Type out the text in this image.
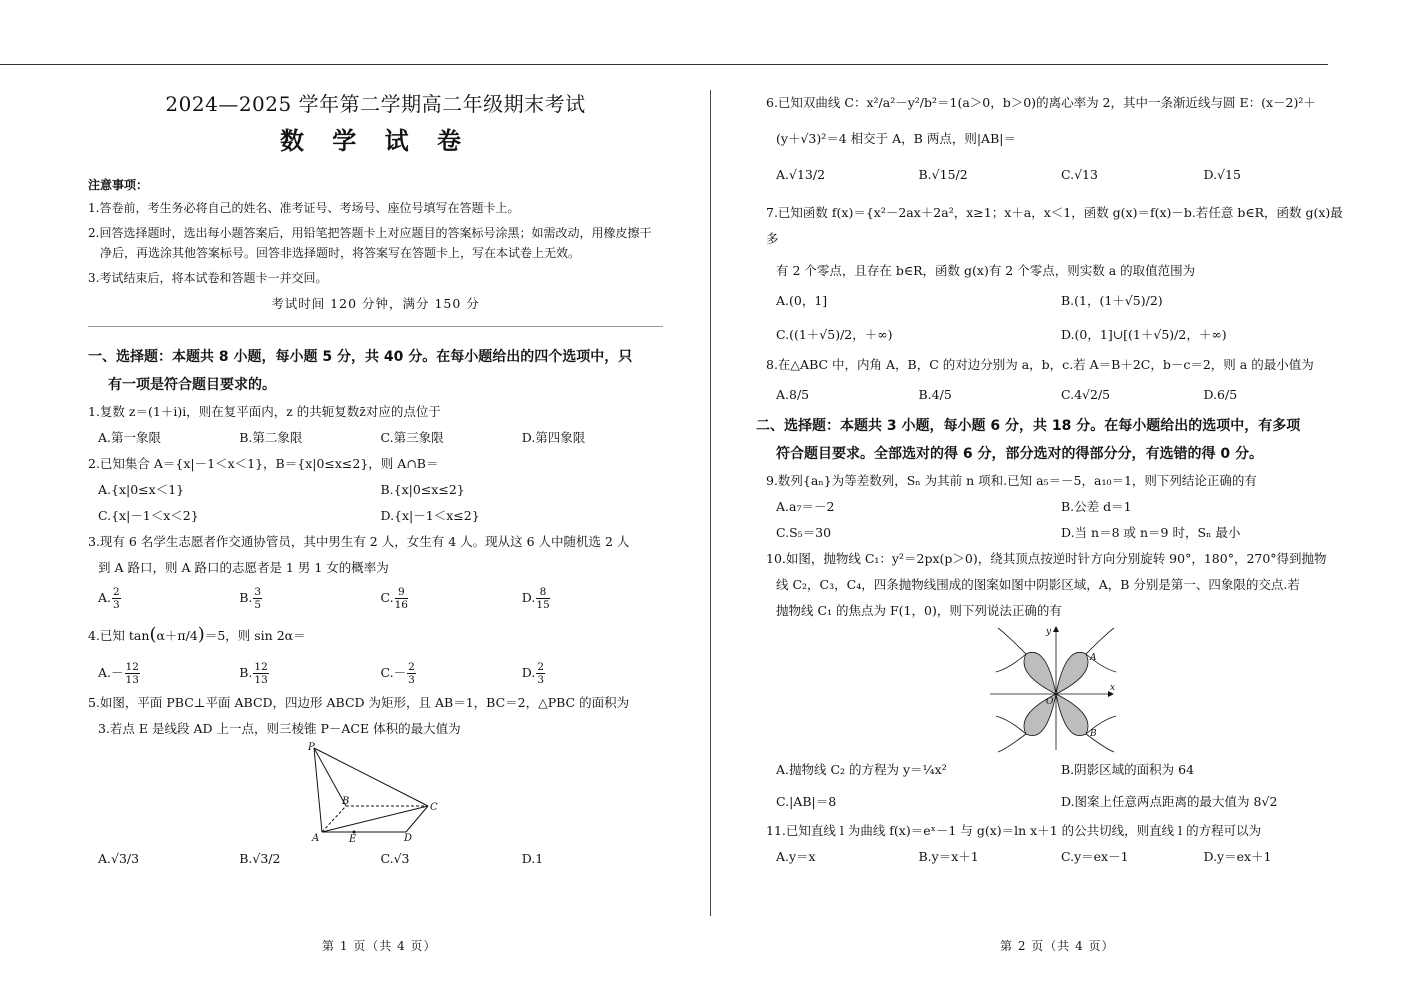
2024—2025 学年第二学期高二年级期末考试
数 学 试 卷
注意事项：

1.答卷前，考生务必将自己的姓名、准考证号、考场号、座位号填写在答题卡上。

2.回答选择题时，选出每小题答案后，用铅笔把答题卡上对应题目的答案标号涂黑；如需改动，用橡皮擦干净后，再选涂其他答案标号。回答非选择题时，将答案写在答题卡上，写在本试卷上无效。

3.考试结束后，将本试卷和答题卡一并交回。

考试时间 120 分钟，满分 150 分
一、选择题：本题共 8 小题，每小题 5 分，共 40 分。在每小题给出的四个选项中，只
有一项是符合题目要求的。
1.复数 z＝(1＋i)i，则在复平面内，z 的共轭复数z̄对应的点位于
A.第一象限	B.第二象限	C.第三象限	D.第四象限
2.已知集合 A＝{x|－1＜x＜1}，B＝{x|0≤x≤2}，则 A∩B＝
A.{x|0≤x＜1}	B.{x|0≤x≤2}
C.{x|－1＜x＜2}	D.{x|－1＜x≤2}
3.现有 6 名学生志愿者作交通协管员，其中男生有 2 人，女生有 4 人。现从这 6 人中随机选 2 人
到 A 路口，则 A 路口的志愿者是 1 男 1 女的概率为
A. $\frac{2}{3}$	B. $\frac{3}{5}$	C. $\frac{9}{16}$	D. $\frac{8}{15}$
4.已知 tan(α＋π/4)＝5，则 sin 2α＝
$A.- \frac{12}{13}$	B. $\frac{12}{13}$	$C.- \frac{2}{3}$	D. $\frac{2}{3}$
5.如图，平面 PBC⊥平面 ABCD，四边形 ABCD 为矩形，且 AB＝1，BC＝2，△PBC 的面积为
3.若点 E 是线段 AD 上一点，则三棱锥 P－ACE 体积的最大值为
P
B
C
A	E	D
A.√3/3	B.√3/2	C.√3	D.1
6.已知双曲线 C：x²/a²－y²/b²＝1(a＞0，b＞0)的离心率为 2，其中一条渐近线与圆 E：(x－2)²＋
(y＋√3)²＝4 相交于 A，B 两点，则|AB|＝
A.√13/2	B.√15/2	C.√13	D.√15
7.已知函数 f(x)＝{x²－2ax＋2a²，x≥1；x＋a，x＜1，函数 g(x)＝f(x)－b.若任意 b∈R，函数 g(x)最多
有 2 个零点，且存在 b∈R，函数 g(x)有 2 个零点，则实数 a 的取值范围为
A.(0，1]	B.(1，(1＋√5)/2)
C.((1＋√5)/2，＋∞)	D.(0，1]∪[(1＋√5)/2，＋∞)
8.在△ABC 中，内角 A，B，C 的对边分别为 a，b，c.若 A＝B＋2C，b－c＝2，则 a 的最小值为
A.8/5	B.4/5	C.4√2/5	D.6/5
二、选择题：本题共 3 小题，每小题 6 分，共 18 分。在每小题给出的选项中，有多项
符合题目要求。全部选对的得 6 分，部分选对的得部分分，有选错的得 0 分。
9.数列{aₙ}为等差数列，Sₙ 为其前 n 项和.已知 a₅＝－5，a₁₀＝1，则下列结论正确的有
A.a₇＝－2	B.公差 d＝1
C.S₅＝30	D.当 n＝8 或 n＝9 时，Sₙ 最小
10.如图，抛物线 C₁：y²＝2px(p＞0)，绕其顶点按逆时针方向分别旋转 90°，180°，270°得到抛物
线 C₂，C₃，C₄，四条抛物线围成的图案如图中阴影区域，A，B 分别是第一、四象限的交点.若
抛物线 C₁ 的焦点为 F(1，0)，则下列说法正确的有
y
x
O
A
B
A.抛物线 C₂ 的方程为 y＝¼x²	B.阴影区域的面积为 64
C.|AB|＝8	D.图案上任意两点距离的最大值为 8√2
11.已知直线 l 为曲线 f(x)＝eˣ－1 与 g(x)＝ln x＋1 的公共切线，则直线 l 的方程可以为
A.y＝x	B.y＝x＋1	C.y＝ex－1	D.y＝ex＋1
第 1 页（共 4 页）	第 2 页（共 4 页）
